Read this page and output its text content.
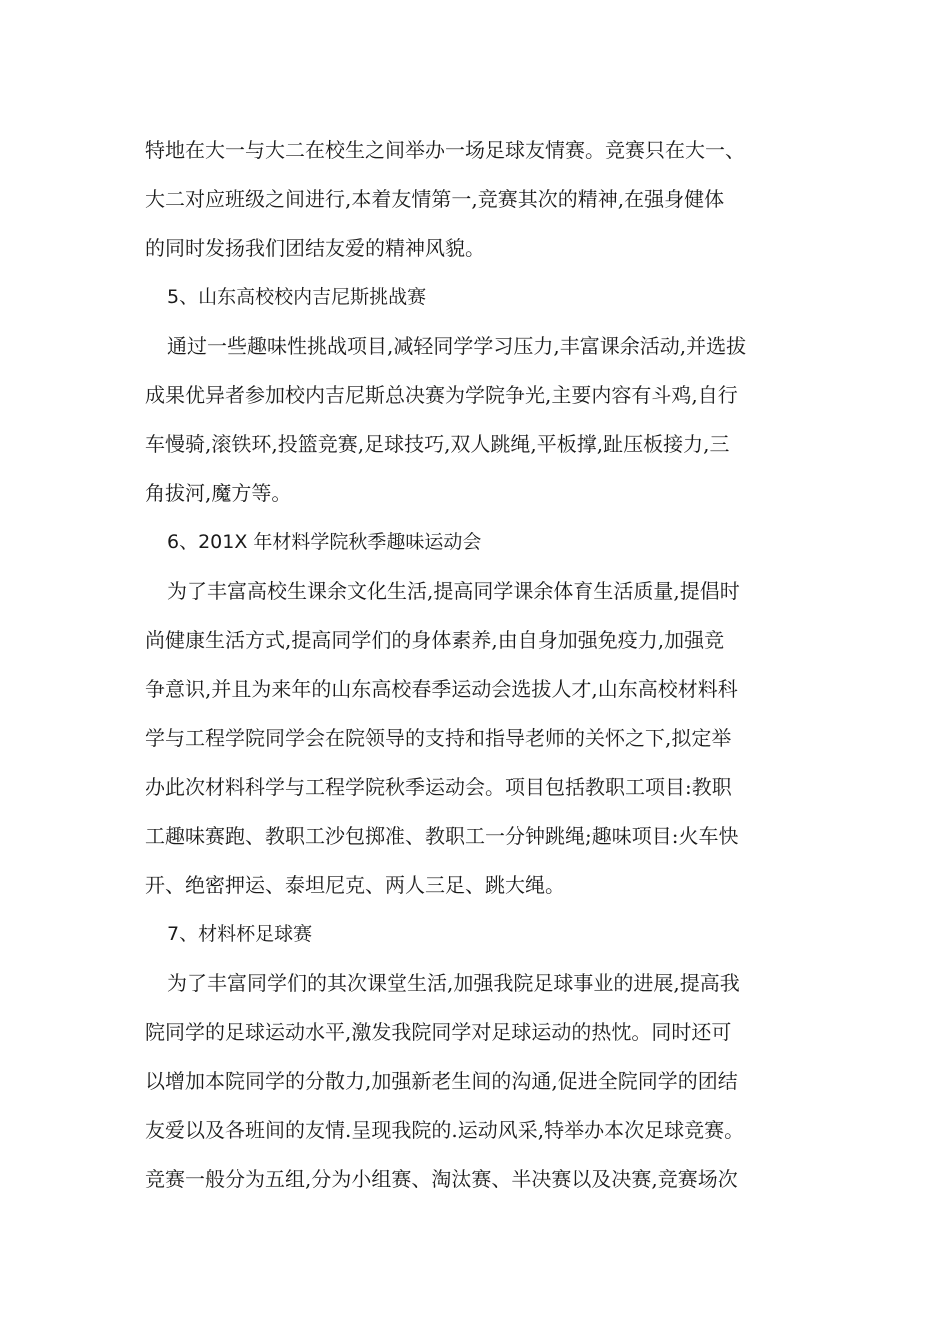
特地在大一与大二在校生之间举办一场足球友情赛。竞赛只在大一、
大二对应班级之间进行,本着友情第一,竞赛其次的精神,在强身健体
的同时发扬我们团结友爱的精神风貌。
5、山东高校校内吉尼斯挑战赛
通过一些趣味性挑战项目,减轻同学学习压力,丰富课余活动,并选拔
成果优异者参加校内吉尼斯总决赛为学院争光,主要内容有斗鸡,自行
车慢骑,滚铁环,投篮竞赛,足球技巧,双人跳绳,平板撑,趾压板接力,三
角拔河,魔方等。
6、201X 年材料学院秋季趣味运动会
为了丰富高校生课余文化生活,提高同学课余体育生活质量,提倡时
尚健康生活方式,提高同学们的身体素养,由自身加强免疫力,加强竞
争意识,并且为来年的山东高校春季运动会选拔人才,山东高校材料科
学与工程学院同学会在院领导的支持和指导老师的关怀之下,拟定举
办此次材料科学与工程学院秋季运动会。项目包括教职工项目:教职
工趣味赛跑、教职工沙包掷准、教职工一分钟跳绳;趣味项目:火车快
开、绝密押运、泰坦尼克、两人三足、跳大绳。
7、材料杯足球赛
为了丰富同学们的其次课堂生活,加强我院足球事业的进展,提高我
院同学的足球运动水平,激发我院同学对足球运动的热忱。同时还可
以增加本院同学的分散力,加强新老生间的沟通,促进全院同学的团结
友爱以及各班间的友情.呈现我院的.运动风采,特举办本次足球竞赛。
竞赛一般分为五组,分为小组赛、淘汰赛、半决赛以及决赛,竞赛场次
